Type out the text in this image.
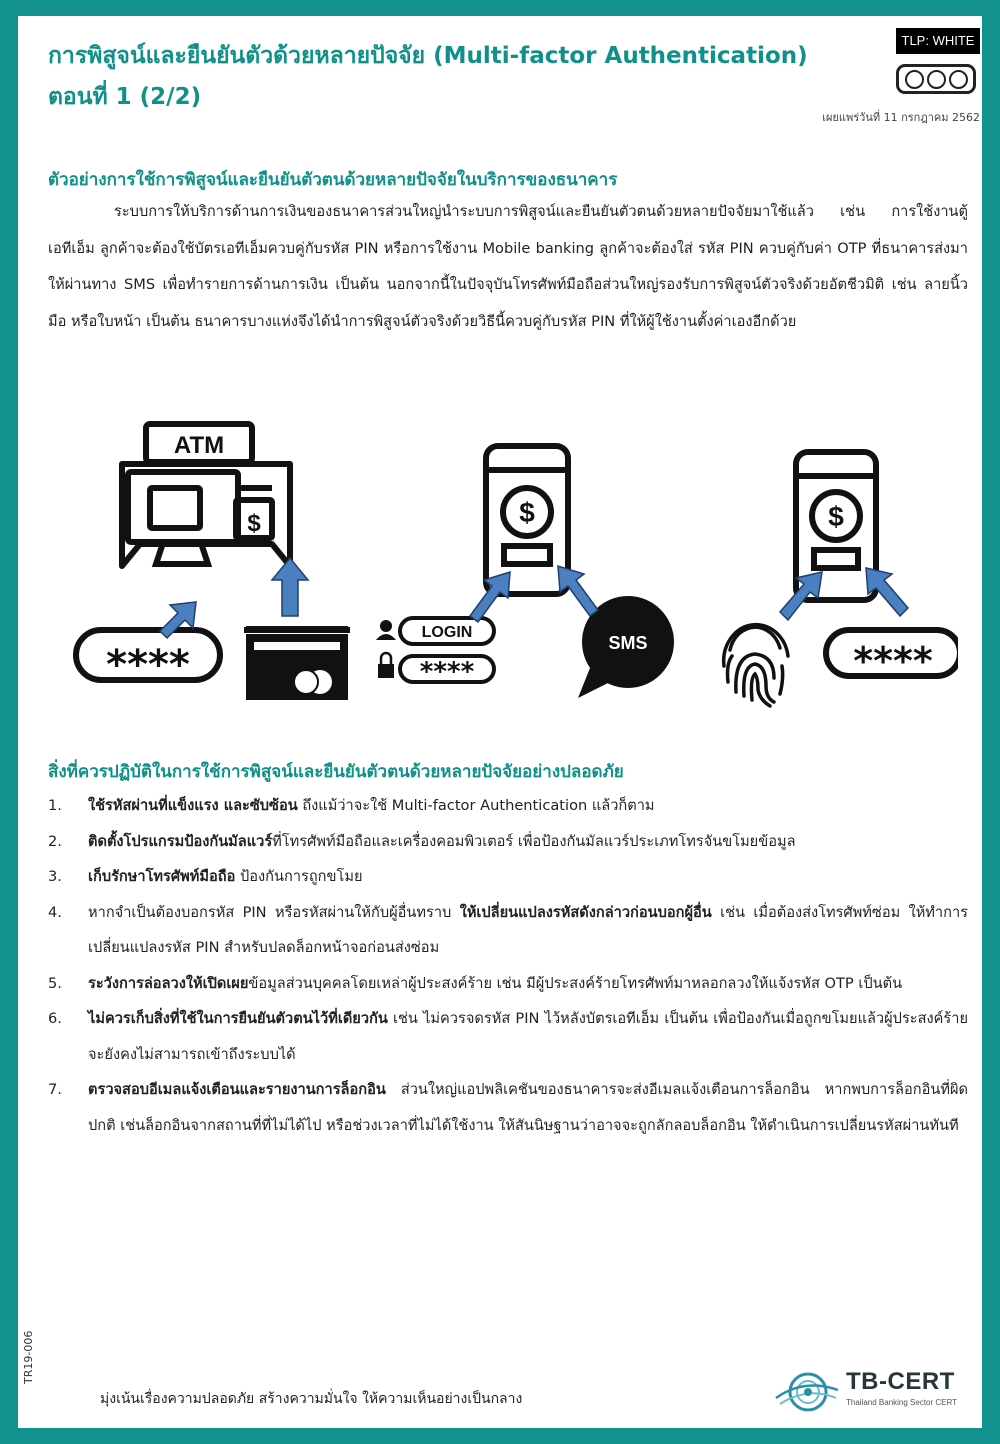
การพิสูจน์และยืนยันตัวด้วยหลายปัจจัย (Multi-factor Authentication)
ตอนที่ 1 (2/2)
TLP: WHITE
เผยแพร่วันที่ 11 กรกฎาคม 2562
ตัวอย่างการใช้การพิสูจน์และยืนยันตัวตนด้วยหลายปัจจัยในบริการของธนาคาร
ระบบการให้บริการด้านการเงินของธนาคารส่วนใหญ่นำระบบการพิสูจน์และยืนยันตัวตนด้วยหลายปัจจัยมาใช้แล้ว เช่น การใช้งานตู้เอทีเอ็ม ลูกค้าจะต้องใช้บัตรเอทีเอ็มควบคู่กับรหัส PIN หรือการใช้งาน Mobile banking ลูกค้าจะต้องใส่ รหัส PIN ควบคู่กับค่า OTP ที่ธนาคารส่งมาให้ผ่านทาง SMS เพื่อทำรายการด้านการเงิน เป็นต้น นอกจากนี้ในปัจจุบันโทรศัพท์มือถือส่วนใหญ่รองรับการพิสูจน์ตัวจริงด้วยอัตชีวมิติ เช่น ลายนิ้วมือ หรือใบหน้า เป็นต้น ธนาคารบางแห่งจึงได้นำการพิสูจน์ตัวจริงด้วยวิธีนี้ควบคู่กับรหัส PIN ที่ให้ผู้ใช้งานตั้งค่าเองอีกด้วย
ATM
$
****
$
LOGIN
****
SMS
$
****
สิ่งที่ควรปฏิบัติในการใช้การพิสูจน์และยืนยันตัวตนด้วยหลายปัจจัยอย่างปลอดภัย
1.	ใช้รหัสผ่านที่แข็งแรง และซับซ้อน ถึงแม้ว่าจะใช้ Multi-factor Authentication แล้วก็ตาม
2.	ติดตั้งโปรแกรมป้องกันมัลแวร์ที่โทรศัพท์มือถือและเครื่องคอมพิวเตอร์ เพื่อป้องกันมัลแวร์ประเภทโทรจันขโมยข้อมูล
3.	เก็บรักษาโทรศัพท์มือถือ ป้องกันการถูกขโมย
4.	หากจำเป็นต้องบอกรหัส PIN หรือรหัสผ่านให้กับผู้อื่นทราบ ให้เปลี่ยนแปลงรหัสดังกล่าวก่อนบอกผู้อื่น เช่น เมื่อต้องส่งโทรศัพท์ซ่อม ให้ทำการเปลี่ยนแปลงรหัส PIN สำหรับปลดล็อกหน้าจอก่อนส่งซ่อม
5.	ระวังการล่อลวงให้เปิดเผยข้อมูลส่วนบุคคลโดยเหล่าผู้ประสงค์ร้าย เช่น มีผู้ประสงค์ร้ายโทรศัพท์มาหลอกลวงให้แจ้งรหัส OTP เป็นต้น
6.	ไม่ควรเก็บสิ่งที่ใช้ในการยืนยันตัวตนไว้ที่เดียวกัน เช่น ไม่ควรจดรหัส PIN ไว้หลังบัตรเอทีเอ็ม เป็นต้น เพื่อป้องกันเมื่อถูกขโมยแล้วผู้ประสงค์ร้ายจะยังคงไม่สามารถเข้าถึงระบบได้
7.	ตรวจสอบอีเมลแจ้งเตือนและรายงานการล็อกอิน ส่วนใหญ่แอปพลิเคชันของธนาคารจะส่งอีเมลแจ้งเตือนการล็อกอิน หากพบการล็อกอินที่ผิดปกติ เช่นล็อกอินจากสถานที่ที่ไม่ได้ไป หรือช่วงเวลาที่ไม่ได้ใช้งาน ให้สันนิษฐานว่าอาจจะถูกลักลอบล็อกอิน ให้ดำเนินการเปลี่ยนรหัสผ่านทันที
TR19-006
มุ่งเน้นเรื่องความปลอดภัย สร้างความมั่นใจ ให้ความเห็นอย่างเป็นกลาง
TB-CERT
Thailand Banking Sector CERT
